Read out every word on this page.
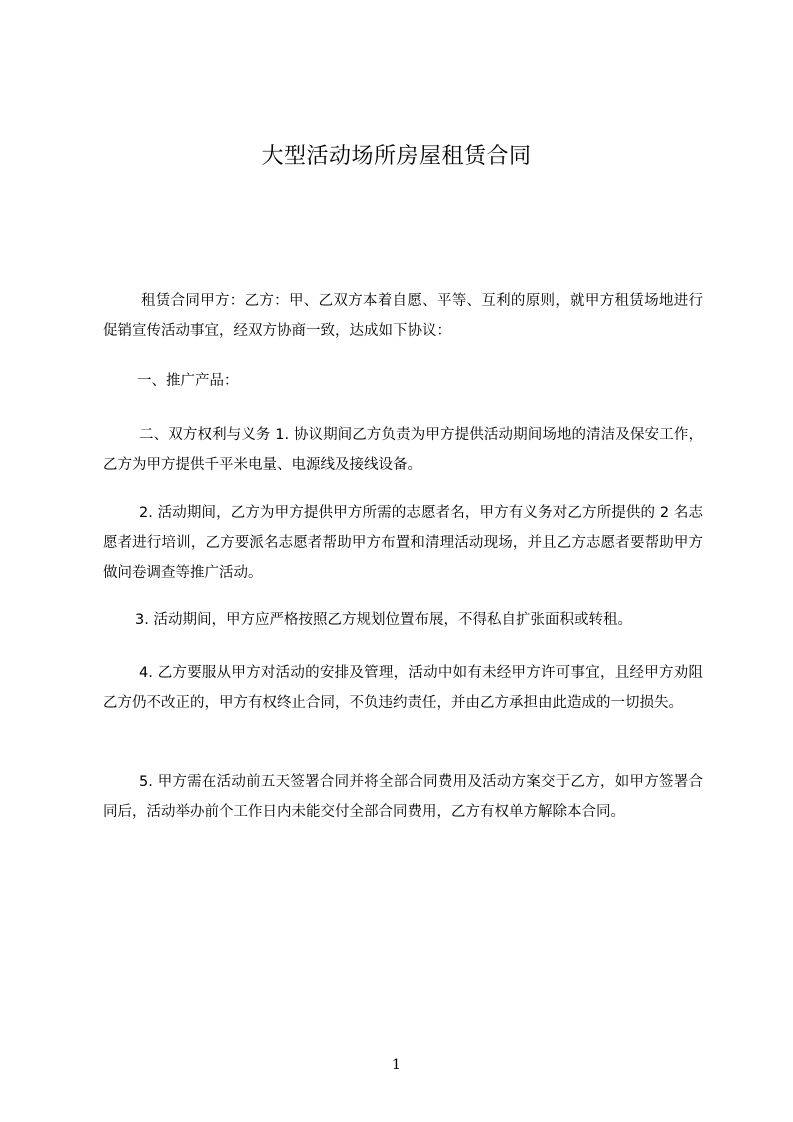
大型活动场所房屋租赁合同

租赁合同甲方：乙方：甲、乙双方本着自愿、平等、互利的原则，就甲方租赁场地进行促销宣传活动事宜，经双方协商一致，达成如下协议：

一、推广产品：

二、双方权利与义务 1. 协议期间乙方负责为甲方提供活动期间场地的清洁及保安工作，乙方为甲方提供千平米电量、电源线及接线设备。

2. 活动期间，乙方为甲方提供甲方所需的志愿者名，甲方有义务对乙方所提供的 2 名志愿者进行培训，乙方要派名志愿者帮助甲方布置和清理活动现场，并且乙方志愿者要帮助甲方做问卷调查等推广活动。

3. 活动期间，甲方应严格按照乙方规划位置布展，不得私自扩张面积或转租。

4. 乙方要服从甲方对活动的安排及管理，活动中如有未经甲方许可事宜，且经甲方劝阻乙方仍不改正的，甲方有权终止合同，不负违约责任，并由乙方承担由此造成的一切损失。

5. 甲方需在活动前五天签署合同并将全部合同费用及活动方案交于乙方，如甲方签署合同后，活动举办前个工作日内未能交付全部合同费用，乙方有权单方解除本合同。

1
